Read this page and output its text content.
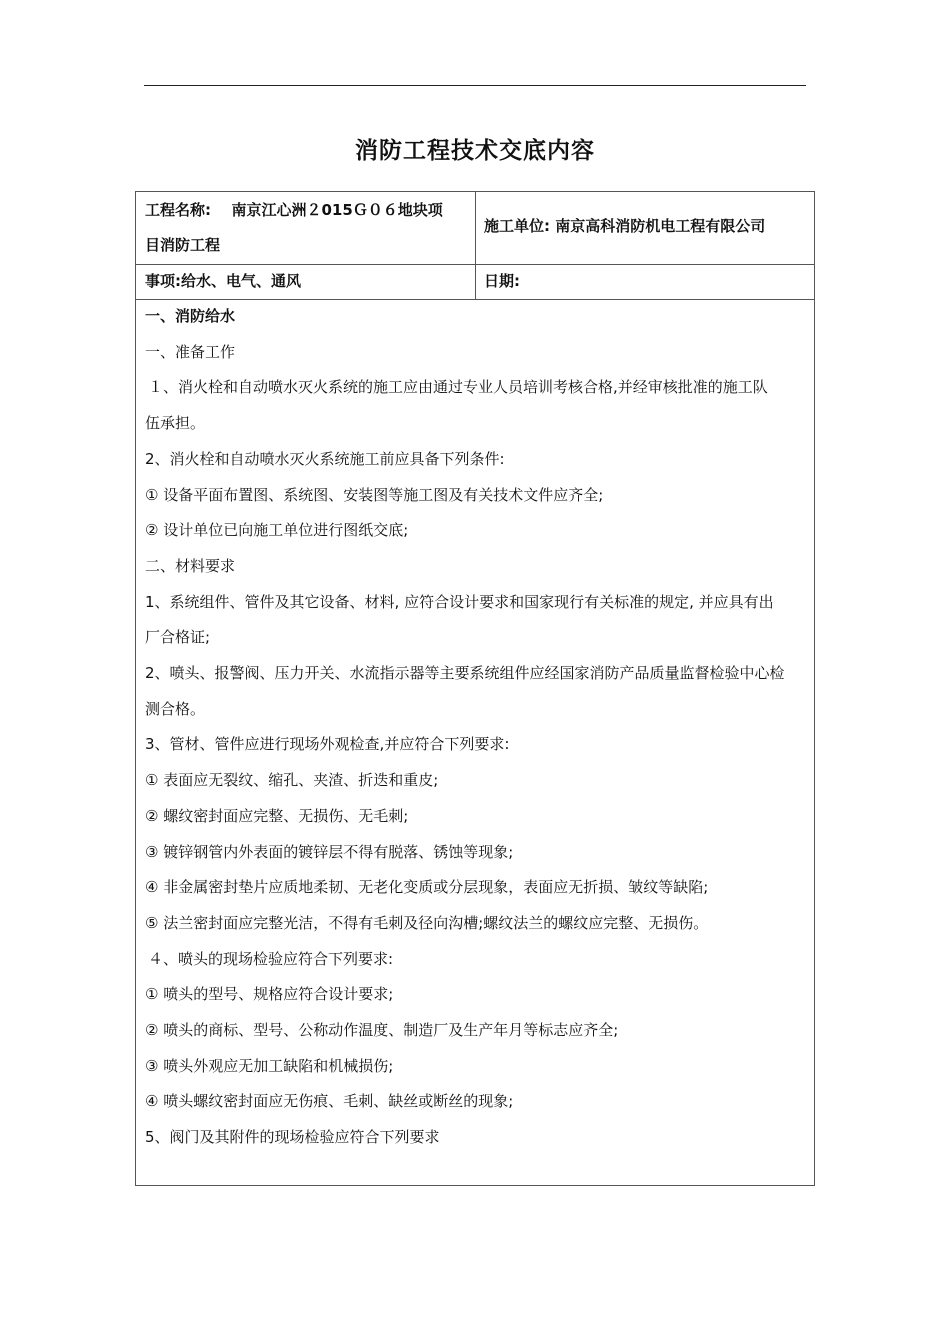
消防工程技术交底内容
工程名称: 南京江心洲２015Ｇ０６地块项
目消防工程
施工单位: 南京高科消防机电工程有限公司
事项:给水、电气、通风	日期:
一、消防给水
一、准备工作
１、消火栓和自动喷水灭火系统的施工应由通过专业人员培训考核合格,并经审核批准的施工队
伍承担。
2、消火栓和自动喷水灭火系统施工前应具备下列条件:
① 设备平面布置图、系统图、安装图等施工图及有关技术文件应齐全;
② 设计单位已向施工单位进行图纸交底;
二、材料要求
1、系统组件、管件及其它设备、材料, 应符合设计要求和国家现行有关标准的规定, 并应具有出
厂合格证;
2、喷头、报警阀、压力开关、水流指示器等主要系统组件应经国家消防产品质量监督检验中心检
测合格。
3、管材、管件应进行现场外观检查,并应符合下列要求:
① 表面应无裂纹、缩孔、夹渣、折迭和重皮;
② 螺纹密封面应完整、无损伤、无毛刺;
③ 镀锌钢管内外表面的镀锌层不得有脱落、锈蚀等现象;
④ 非金属密封垫片应质地柔韧、无老化变质或分层现象，表面应无折损、皱纹等缺陷;
⑤ 法兰密封面应完整光洁，不得有毛刺及径向沟槽;螺纹法兰的螺纹应完整、无损伤。
４、喷头的现场检验应符合下列要求:
① 喷头的型号、规格应符合设计要求;
② 喷头的商标、型号、公称动作温度、制造厂及生产年月等标志应齐全;
③ 喷头外观应无加工缺陷和机械损伤;
④ 喷头螺纹密封面应无伤痕、毛刺、缺丝或断丝的现象;
5、阀门及其附件的现场检验应符合下列要求
